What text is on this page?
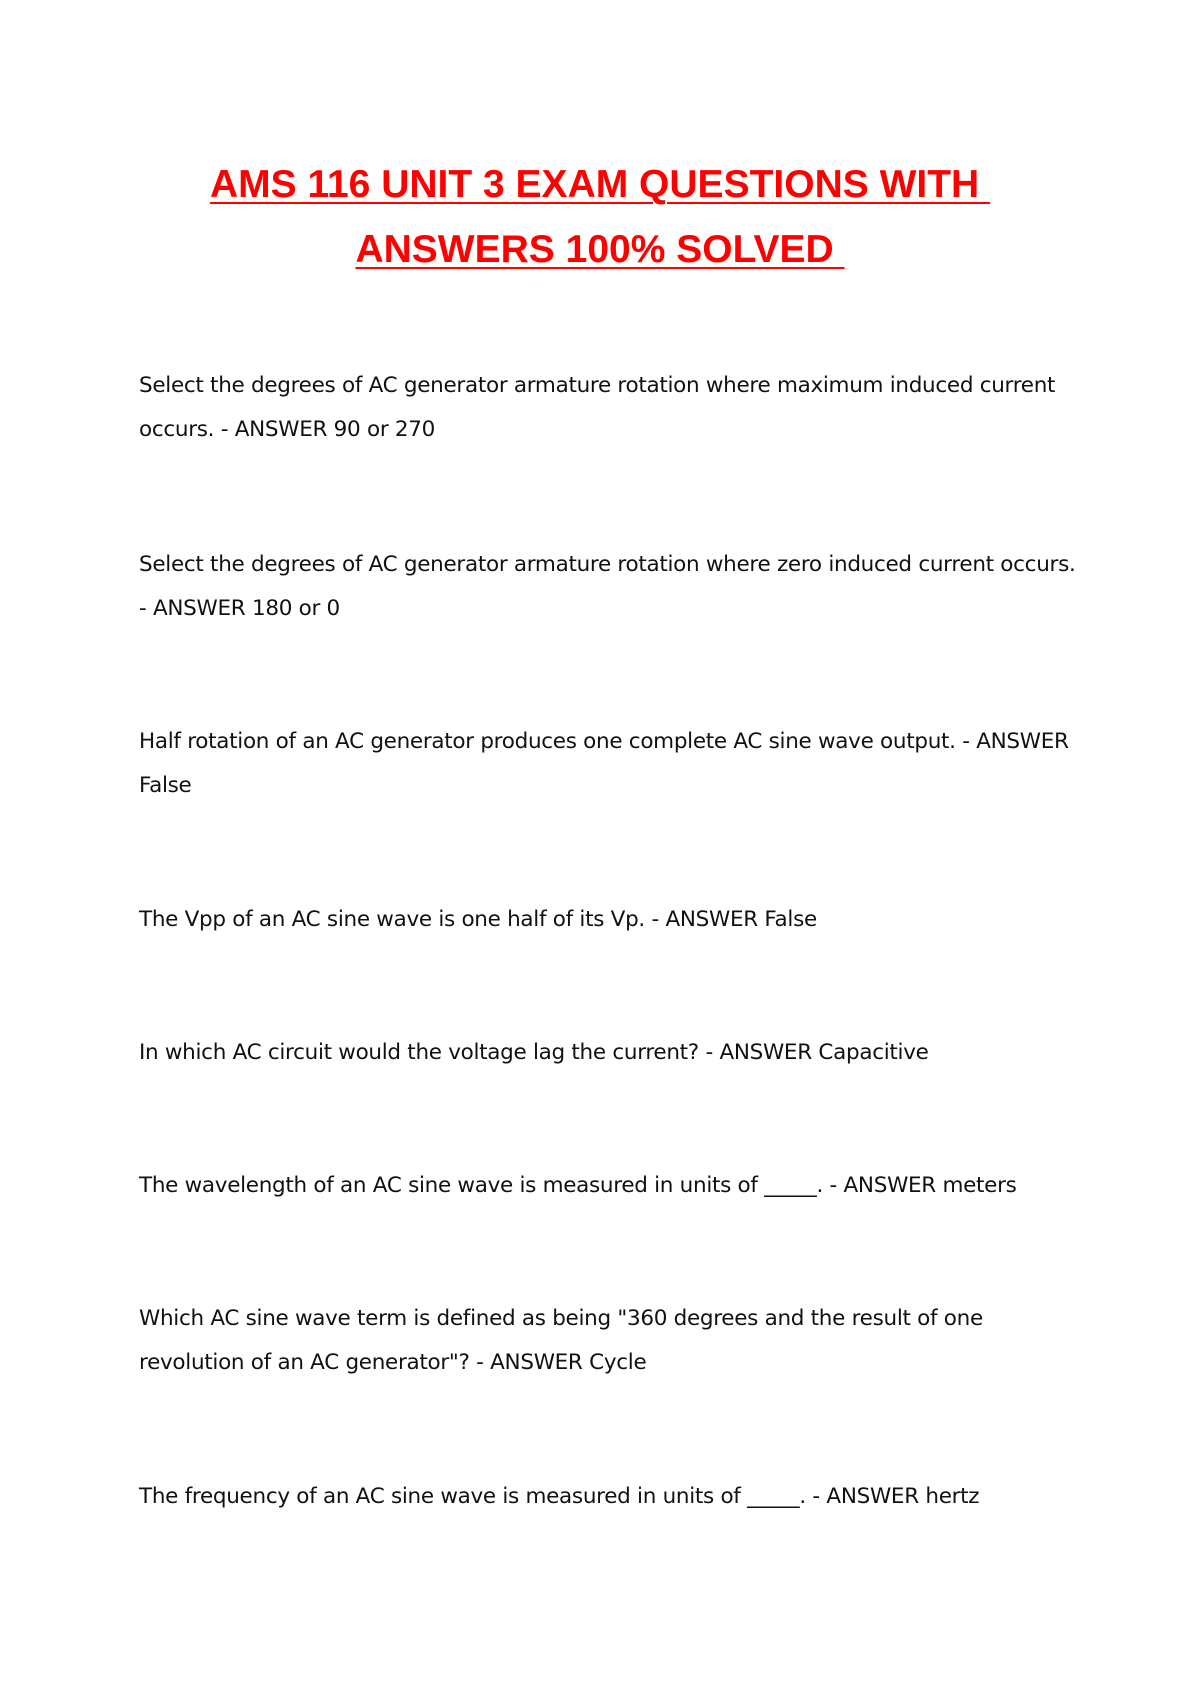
AMS 116 UNIT 3 EXAM QUESTIONS WITH
ANSWERS 100% SOLVED

Select the degrees of AC generator armature rotation where maximum induced current occurs. - ANSWER 90 or 270

Select the degrees of AC generator armature rotation where zero induced current occurs. - ANSWER 180 or 0

Half rotation of an AC generator produces one complete AC sine wave output. - ANSWER False

The Vpp of an AC sine wave is one half of its Vp. - ANSWER False

In which AC circuit would the voltage lag the current? - ANSWER Capacitive

The wavelength of an AC sine wave is measured in units of _____. - ANSWER meters

Which AC sine wave term is defined as being "360 degrees and the result of one revolution of an AC generator"? - ANSWER Cycle

The frequency of an AC sine wave is measured in units of _____. - ANSWER hertz
